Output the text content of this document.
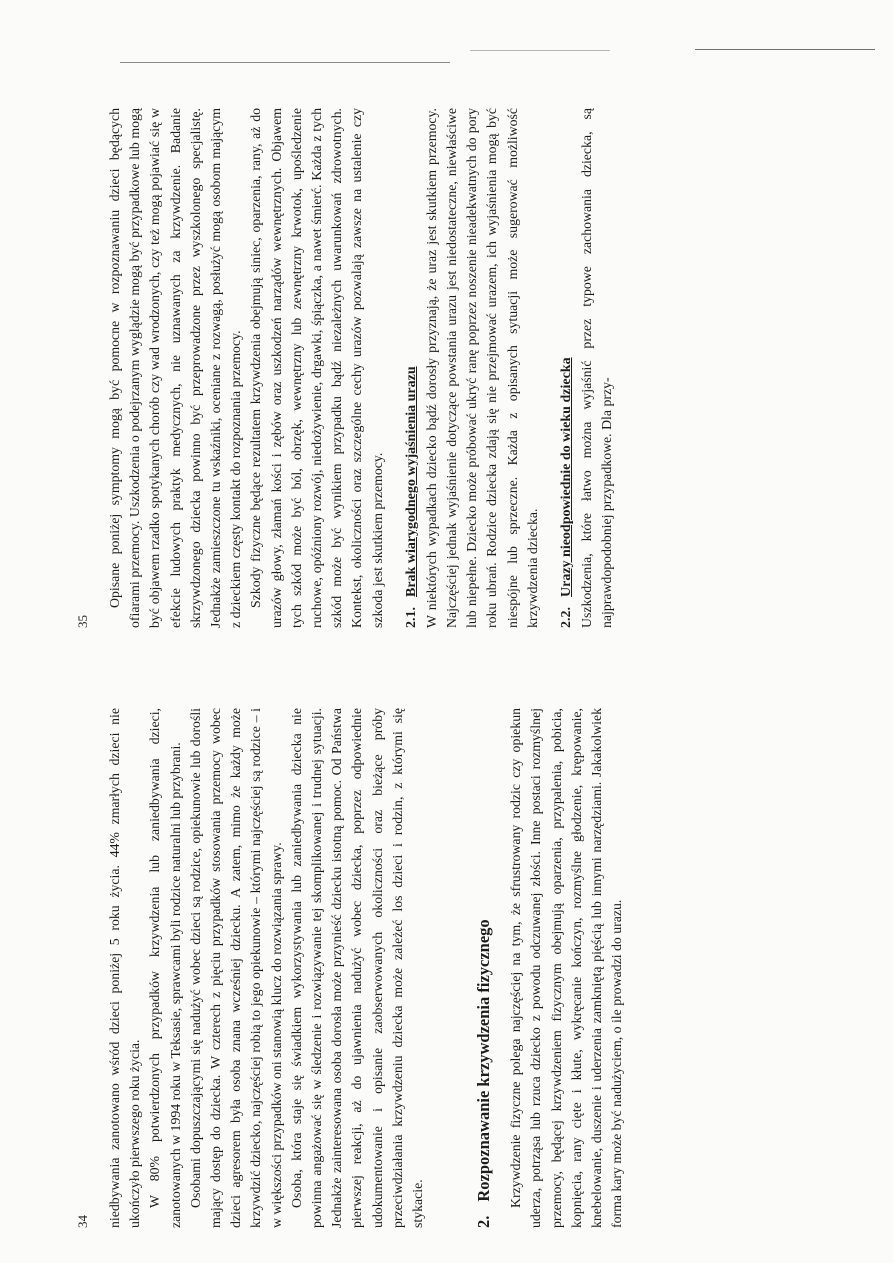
34 niedbywania zanotowano wśród dzieci poniżej 5 roku życia. 44% zmarłych dzieci nie ukończyło pierwszego roku życia. W 80% potwierdzonych przypadków krzywdzenia lub zaniedbywania dzieci, zanotowanych w 1994 roku w Teksasie, sprawcami byli rodzice naturalni lub przybrani. Osobami dopuszczającymi się nadużyć wobec dzieci są rodzice, opiekunowie lub dorośli mający dostęp do dziecka. W czterech z pięciu przypadków stosowania przemocy wobec dzieci agresorem była osoba znana wcześniej dziecku. A zatem, mimo że każdy może krzywdzić dziecko, najczęściej robią to jego opiekunowie – którymi najczęściej są rodzice – i w większości przypadków oni stanowią klucz do rozwiązania sprawy. Osoba, która staje się świadkiem wykorzystywania lub zaniedbywania dziecka nie powinna angażować się w śledzenie i rozwiązywanie tej skomplikowanej i trudnej sytuacji. Jednakże zainteresowana osoba dorosła może przynieść dziecku istotną pomoc. Od Państwa pierwszej reakcji, aż do ujawnienia nadużyć wobec dziecka, poprzez odpowiednie udokumentowanie i opisanie zaobserwowanych okoliczności oraz bieżące próby przeciwdziałania krzywdzeniu dziecka może zależeć los dzieci i rodzin, z którymi się stykacie.	2.
Rozpoznawanie krzywdzenia fizycznego Krzywdzenie fizyczne polega najczęściej na tym, że sfrustrowany rodzic czy opiekun uderza, potrząsa lub rzuca dziecko z powodu odczuwanej złości. Inne postaci rozmyślnej przemocy, będącej krzywdzeniem fizycznym obejmują oparzenia, przypalenia, pobicia, kopnięcia, rany cięte i kłute, wykręcanie kończyn, rozmyślne głodzenie, krępowanie, knebelowanie, duszenie i uderzenia zamkniętą pięścią lub innymi narzędziami. Jakakolwiek forma kary może być nadużyciem, o ile prowadzi do urazu.

35

Opisane poniżej symptomy mogą być pomocne w rozpoznawaniu dzieci będących ofiarami przemocy. Uszkodzenia o podejrzanym wyglądzie mogą być przypadkowe lub mogą być objawem rzadko spotykanych chorób czy wad wrodzonych, czy też mogą pojawiać się w efekcie ludowych praktyk medycznych, nie uznawanych za krzywdzenie. Badanie skrzywdzonego dziecka powinno być przeprowadzone przez wyszkolonego specjalistę. Jednakże zamieszczone tu wskaźniki, oceniane z rozwagą, posłużyć mogą osobom mającym z dzieckiem częsty kontakt do rozpoznania przemocy. Szkody fizyczne będące rezultatem krzywdzenia obejmują siniec, oparzenia, rany, aż do urazów głowy, złamań kości i zębów oraz uszkodzeń narządów wewnętrznych. Objawem tych szkód może być ból, obrzęk, wewnętrzny lub zewnętrzny krwotok, upośledzenie ruchowe, opóźniony rozwój, niedożywienie, drgawki, śpiączka, a nawet śmierć. Każda z tych szkód może być wynikiem przypadku bądź niezależnych uwarunkowań zdrowotnych. Kontekst, okoliczności oraz szczególne cechy urazów pozwalają zawsze na ustalenie czy szkoda jest skutkiem przemocy. 2.1.
Brak wiarygodnego wyjaśnienia urazu W niektórych wypadkach dziecko bądź dorosły przyznają, że uraz jest skutkiem przemocy. Najczęściej jednak wyjaśnienie dotyczące powstania urazu jest niedostateczne, niewłaściwe lub niepełne. Dziecko może próbować ukryć ranę poprzez noszenie nieadekwatnych do pory roku ubrań. Rodzice dziecka zdają się nie przejmować urazem, ich wyjaśnienia mogą być niespójne lub sprzeczne. Każda z opisanych sytuacji może sugerować możliwość krzywdzenia dziecka. 2.2.
Urazy nieodpowiednie do wieku dziecka Uszkodzenia, które łatwo można wyjaśnić przez typowe zachowania dziecka, są najprawdopodobniej przypadkowe. Dla przy-
